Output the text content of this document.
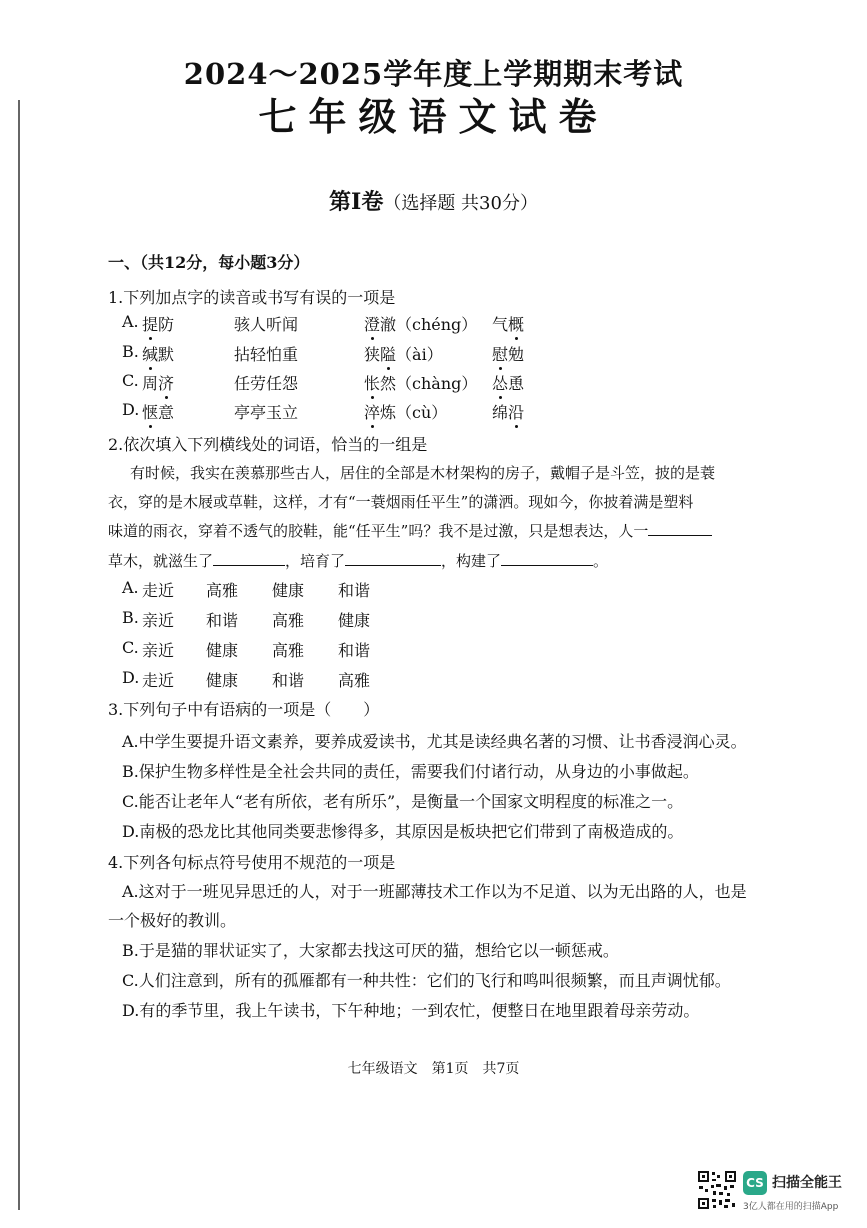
2024～2025学年度上学期期末考试
七年级语文试卷
第Ⅰ卷（选择题 共30分）
一、（共12分，每小题3分）
1.下列加点字的读音或书写有误的一项是
A. 提防	骇人听闻	澄澈（chéng） 气概
B. 缄默	拈轻怕重	狭隘（ài）	慰勉
C. 周济	任劳任怨	怅然（chàng） 怂恿
D. 惬意	亭亭玉立	淬炼（cù）	绵沿
2.依次填入下列横线处的词语，恰当的一组是
有时候，我实在羡慕那些古人，居住的全部是木材架构的房子，戴帽子是斗笠，披的是蓑
衣，穿的是木屐或草鞋，这样，才有“一蓑烟雨任平生”的潇洒。现如今，你披着满是塑料
味道的雨衣，穿着不透气的胶鞋，能“任平生”吗？我不是过激，只是想表达，人一
草木，就滋生了	，培育了	，构建了	。
A. 走近 高雅 健康 和谐
B. 亲近 和谐 高雅 健康
C. 亲近 健康 高雅 和谐
D. 走近 健康 和谐 高雅
3.下列句子中有语病的一项是（　　）
A.中学生要提升语文素养，要养成爱读书，尤其是读经典名著的习惯、让书香浸润心灵。
B.保护生物多样性是全社会共同的责任，需要我们付诸行动，从身边的小事做起。
C.能否让老年人“老有所依，老有所乐”，是衡量一个国家文明程度的标准之一。
D.南极的恐龙比其他同类要悲惨得多，其原因是板块把它们带到了南极造成的。
4.下列各句标点符号使用不规范的一项是
A.这对于一班见异思迁的人，对于一班鄙薄技术工作以为不足道、以为无出路的人，也是
一个极好的教训。
B.于是猫的罪状证实了，大家都去找这可厌的猫，想给它以一顿惩戒。
C.人们注意到，所有的孤雁都有一种共性：它们的飞行和鸣叫很频繁，而且声调忧郁。
D.有的季节里，我上午读书，下午种地；一到农忙，便整日在地里跟着母亲劳动。
七年级语文　第1页　共7页
CS 扫描全能王
3亿人都在用的扫描App
